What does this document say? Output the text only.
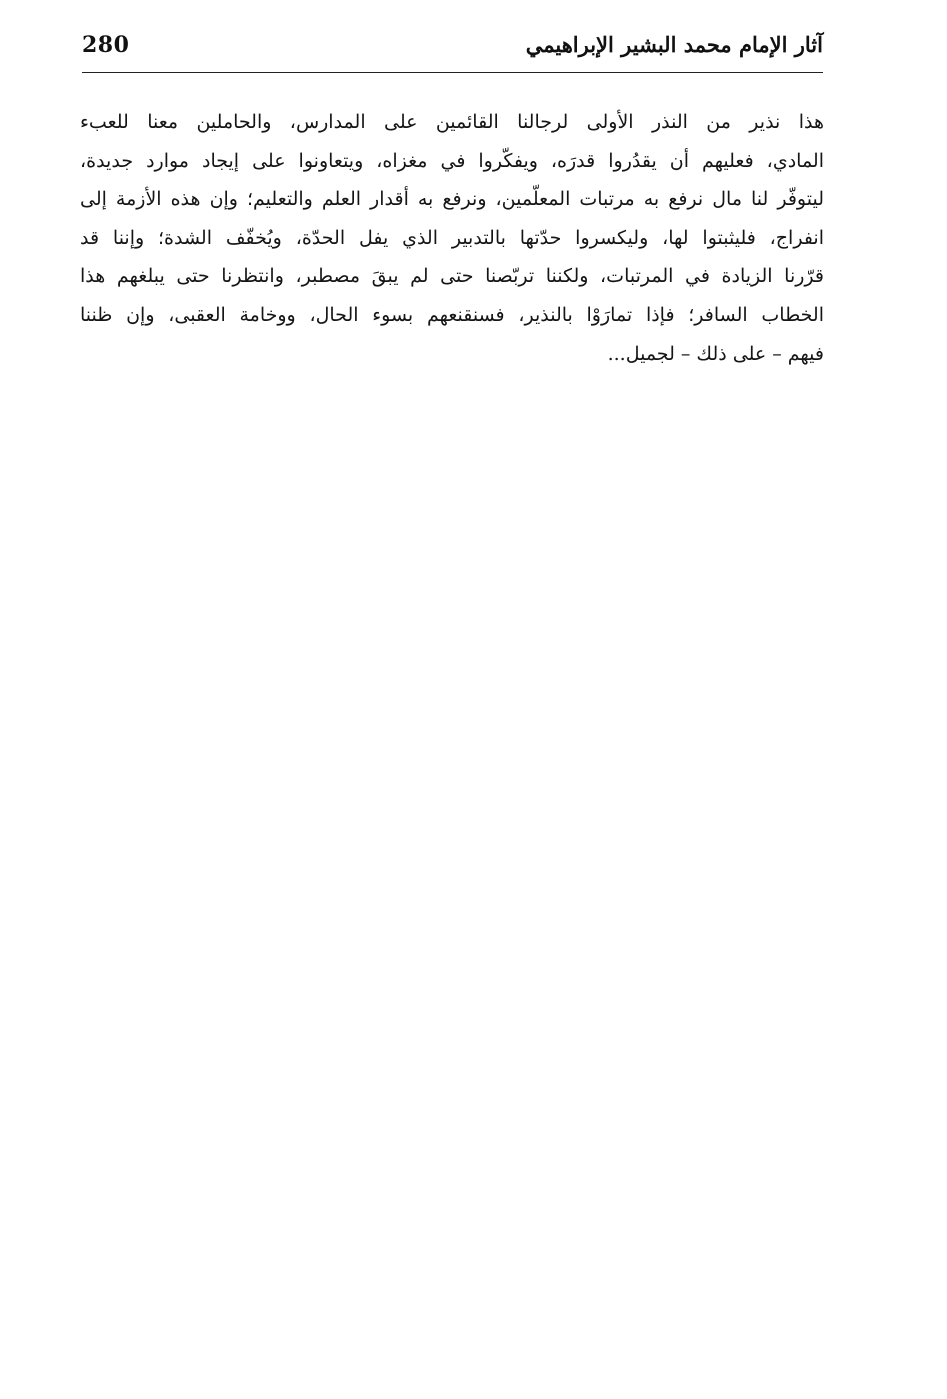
280	آثار الإمام محمد البشير الإبراهيمي
هذا نذير من النذر الأولى لرجالنا القائمين على المدارس، والحاملين معنا للعبء
المادي، فعليهم أن يقدُروا قدرَه، ويفكّروا في مغزاه، ويتعاونوا على إيجاد موارد جديدة،
ليتوفّر لنا مال نرفع به مرتبات المعلّمين، ونرفع به أقدار العلم والتعليم؛ وإن هذه الأزمة إلى
انفراج، فليثبتوا لها، وليكسروا حدّتها بالتدبير الذي يفل الحدّة، ويُخفّف الشدة؛ وإننا قد
قرّرنا الزيادة في المرتبات، ولكننا تربّصنا حتى لم يبقَ مصطبر، وانتظرنا حتى يبلغهم هذا
الخطاب السافر؛ فإذا تمارَوْا بالنذير، فسنقنعهم بسوء الحال، ووخامة العقبى، وإن ظننا
فيهم – على ذلك – لجميل...
